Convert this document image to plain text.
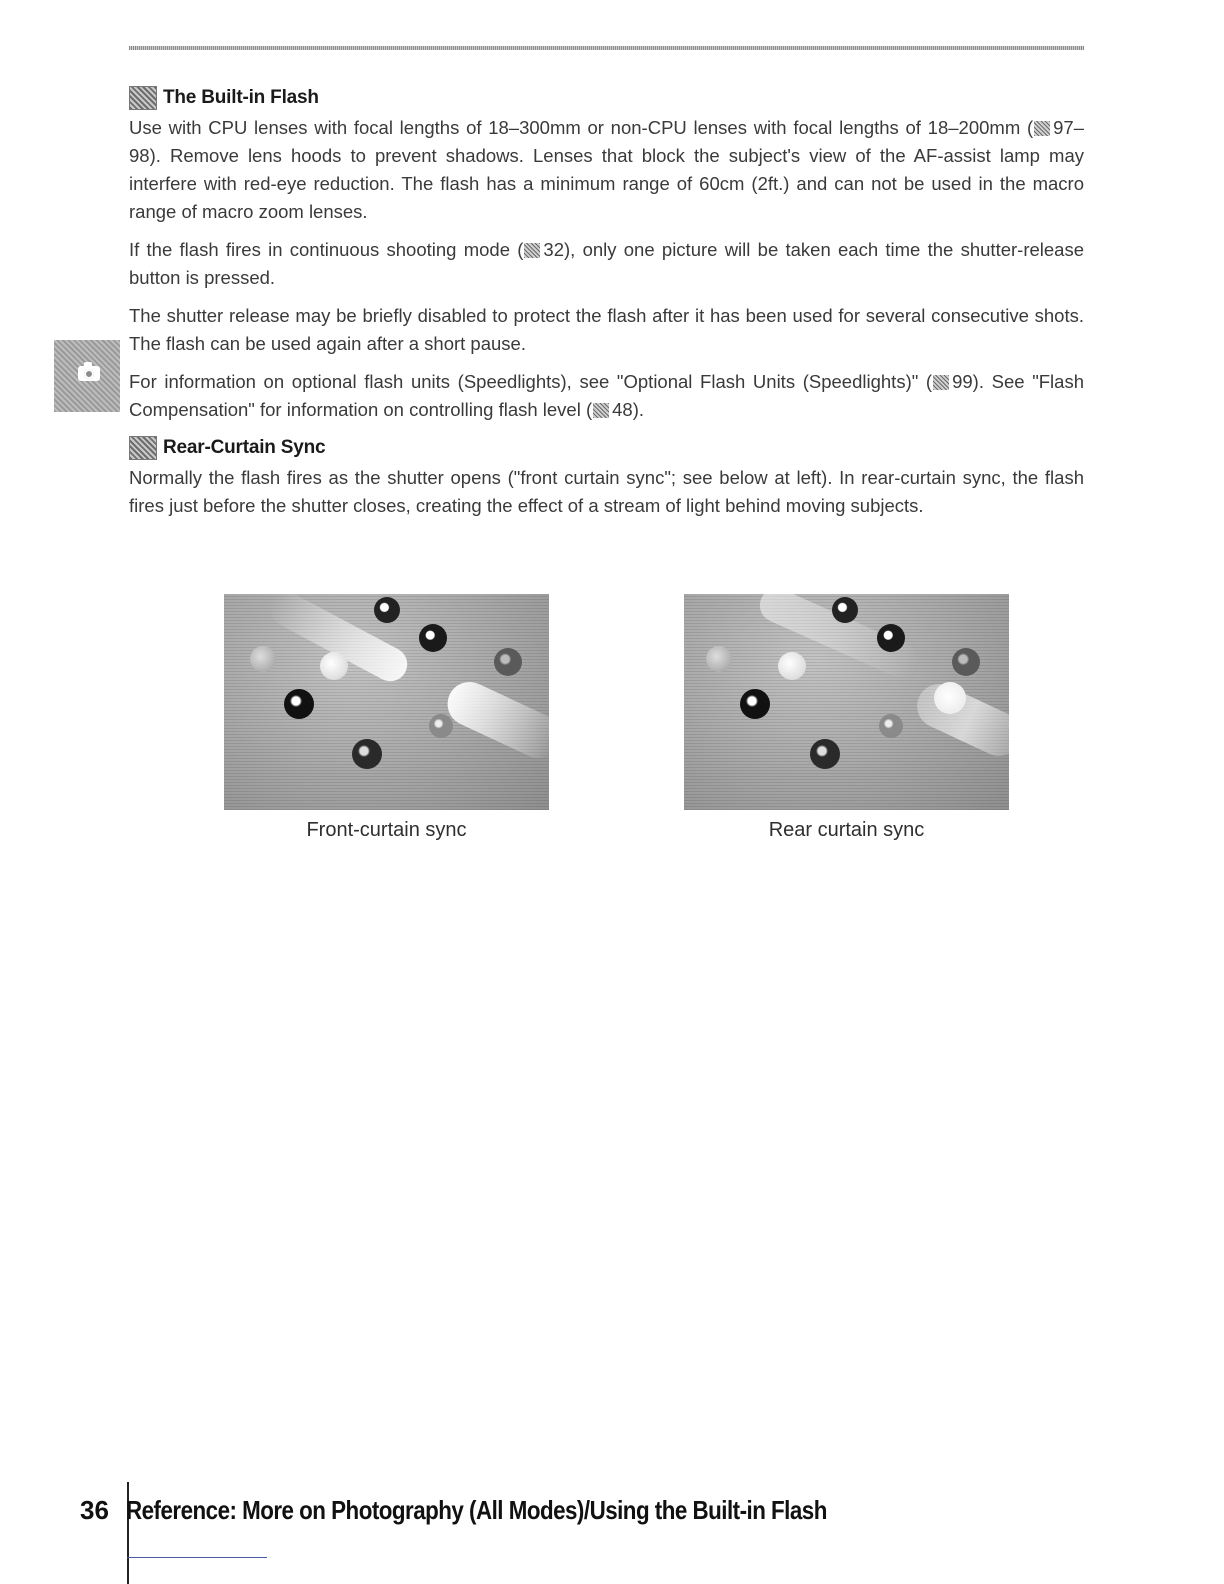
The Built-in Flash

Use with CPU lenses with focal lengths of 18–300mm or non-CPU lenses with focal lengths of 18–200mm ( 97–98). Remove lens hoods to prevent shadows. Lenses that block the subject's view of the AF-assist lamp may interfere with red-eye reduction. The flash has a minimum range of 60cm (2ft.) and can not be used in the macro range of macro zoom lenses.

If the flash fires in continuous shooting mode ( 32), only one picture will be taken each time the shutter-release button is pressed.

The shutter release may be briefly disabled to protect the flash after it has been used for several consecutive shots. The flash can be used again after a short pause.

For information on optional flash units (Speedlights), see "Optional Flash Units (Speedlights)" ( 99). See "Flash Compensation" for information on controlling flash level ( 48).

Rear-Curtain Sync

Normally the flash fires as the shutter opens ("front curtain sync"; see below at left). In rear-curtain sync, the flash fires just before the shutter closes, creating the effect of a stream of light behind moving subjects.

Front-curtain sync	Rear curtain sync
36 Reference: More on Photography (All Modes)/Using the Built-in Flash
